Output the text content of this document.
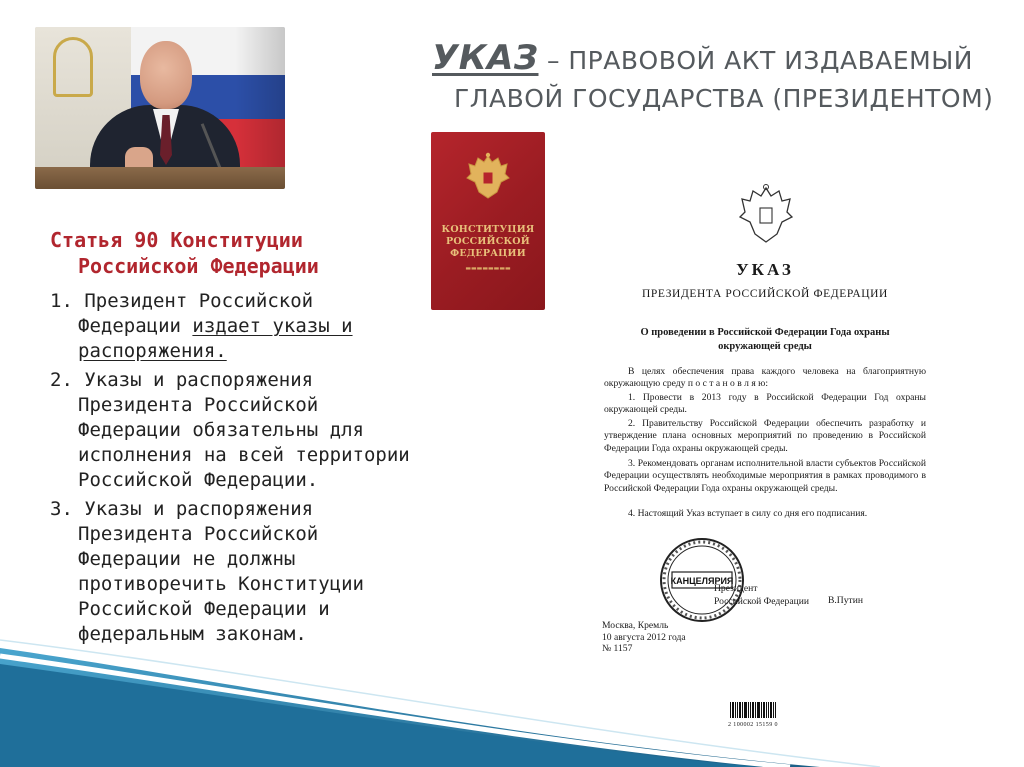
УКАЗ – ПРАВОВОЙ АКТ ИЗДАВАЕМЫЙ
ГЛАВОЙ ГОСУДАРСТВА (ПРЕЗИДЕНТОМ)
КОНСТИТУЦИЯ
РОССИЙСКОЙ
ФЕДЕРАЦИИ
▬▬▬▬▬▬▬▬
Статья 90 Конституции
Российской Федерации
1. Президент Российской
Федерации издает указы и распоряжения.
2. Указы и распоряжения
Президента Российской Федерации обязательны для исполнения на всей территории Российской Федерации.
3. Указы и распоряжения
Президента Российской Федерации не должны противоречить Конституции Российской Федерации и федеральным законам.
УКАЗ
ПРЕЗИДЕНТА РОССИЙСКОЙ ФЕДЕРАЦИИ
О проведении в Российской Федерации Года охраны
окружающей среды
В целях обеспечения права каждого человека на благоприятную окружающую среду п о с т а н о в л я ю:
1. Провести в 2013 году в Российской Федерации Год охраны окружающей среды.
2. Правительству Российской Федерации обеспечить разработку и утверждение плана основных мероприятий по проведению в Российской Федерации Года охраны окружающей среды.
3. Рекомендовать органам исполнительной власти субъектов Российской Федерации осуществлять необходимые мероприятия в рамках проводимого в Российской Федерации Года охраны окружающей среды.
4. Настоящий Указ вступает в силу со дня его подписания.
КАНЦЕЛЯРИЯ
Президент
Российской Федерации В.Путин
Москва, Кремль
10 августа 2012 года
№ 1157
2 100002 15159 0
